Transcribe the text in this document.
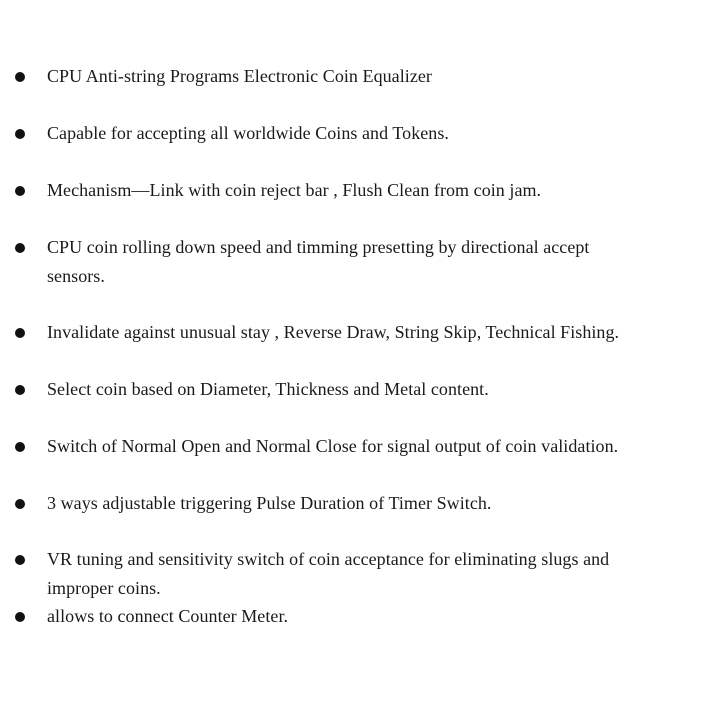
CPU Anti-string Programs Electronic Coin Equalizer
Capable for accepting all worldwide Coins and Tokens.
Mechanism—Link with coin reject bar , Flush Clean from coin jam.
CPU coin rolling down speed and timming presetting by directional accept sensors.
Invalidate against unusual stay , Reverse Draw, String Skip, Technical Fishing.
Select coin based on Diameter, Thickness and Metal content.
Switch of Normal Open and Normal Close for signal output of coin validation.
3 ways adjustable triggering Pulse Duration of Timer Switch.
VR tuning and sensitivity switch of coin acceptance for eliminating slugs and improper coins.
allows to connect Counter Meter.
